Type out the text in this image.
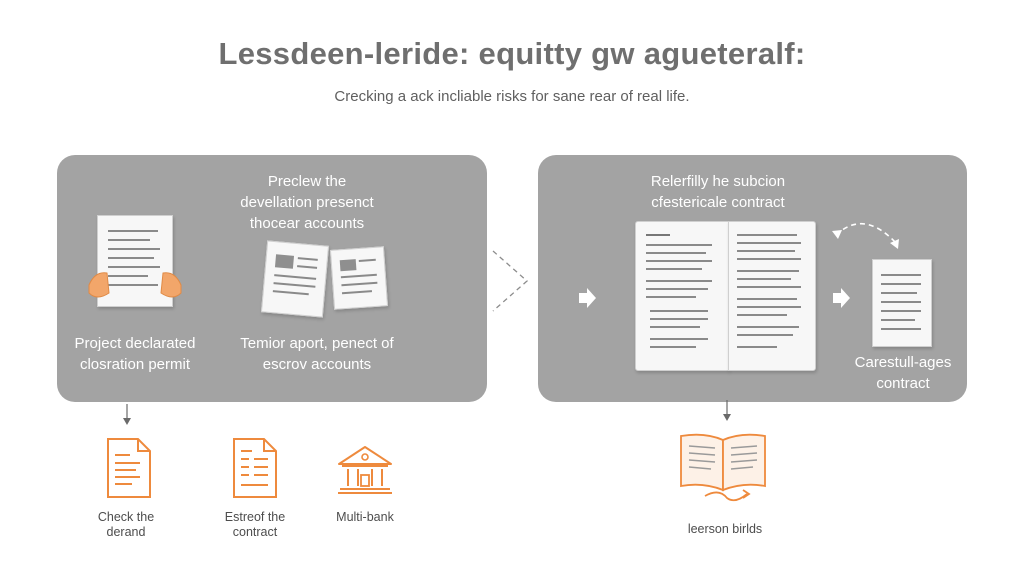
Lessdeen-leride: equitty gw agueteralf:
Crecking a ack incliable risks for sane rear of real life.
Preclew the
devellation presenct
thocear accounts
Project declarated
closration permit
Temior aport, penect of
escrov accounts
Relerfilly he subcion
cfestericale contract
Carestull-ages
contract
Check the
derand
Estreof the
contract
Multi-bank
leerson birlds
